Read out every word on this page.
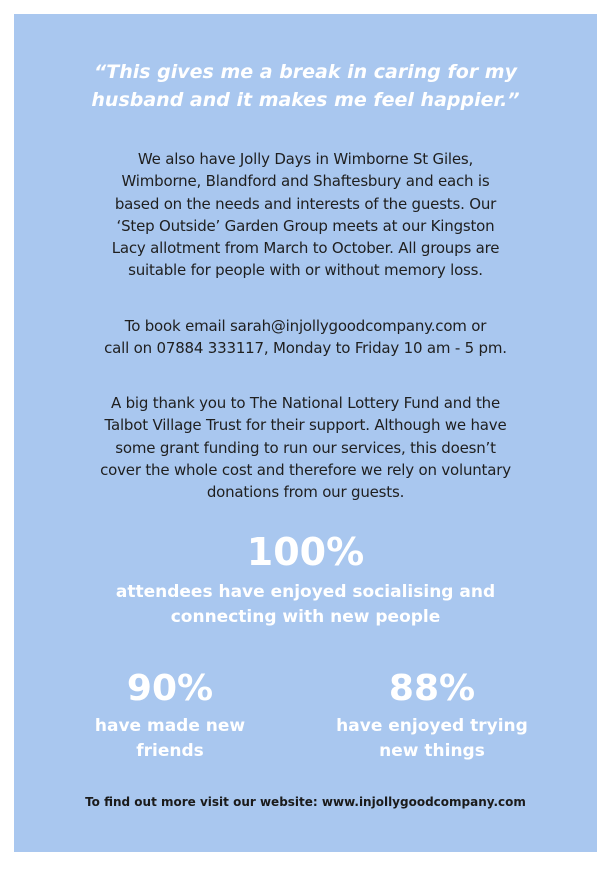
“This gives me a break in caring for my
husband and it makes me feel happier.”
We also have Jolly Days in Wimborne St Giles,
Wimborne, Blandford and Shaftesbury and each is
based on the needs and interests of the guests. Our
‘Step Outside’ Garden Group meets at our Kingston
Lacy allotment from March to October. All groups are
suitable for people with or without memory loss.
To book email sarah@injollygoodcompany.com or
call on 07884 333117, Monday to Friday 10 am - 5 pm.
A big thank you to The National Lottery Fund and the
Talbot Village Trust for their support. Although we have
some grant funding to run our services, this doesn’t
cover the whole cost and therefore we rely on voluntary
donations from our guests.
100%
attendees have enjoyed socialising and
connecting with new people
90%
have made new
friends
88%
have enjoyed trying
new things
To find out more visit our website: www.injollygoodcompany.com
